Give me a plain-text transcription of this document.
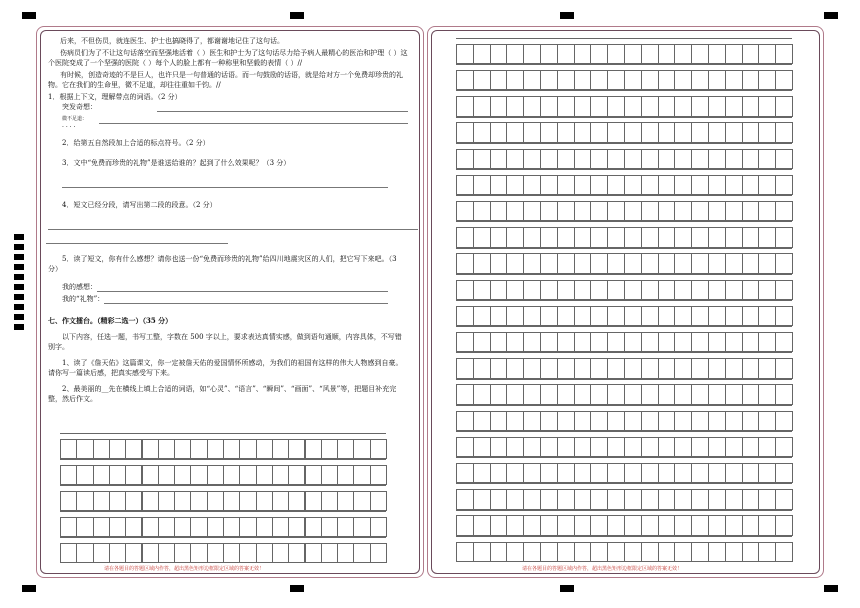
后来，不但伤员，就连医生、护士也搞晓得了，都谢谢地记住了这句话。

伤病员们为了不让这句话落空而坚强地活着（ ）医生和护士为了这句话尽力给予病人最精心的医治和护理（ ）这个医院变成了一个坚强的医院（ ）每个人的脸上都有一种称里和坚毅的表情（ ）//

有时候，创造奇迹的不是巨人，也许只是一句普通的话语。而一句鼓励的话语，就是给对方一个免费却珍贵的礼物。它在我们的生命里，微不足道，却往往重如千钧。//

1．根据上下文，理解带点的词语。（2 分）

突发奇想：
微不足道：
· · · ·

2．给第五自然段加上合适的标点符号。（2 分）

3．文中“免费而珍贵的礼物”是谁送给谁的？起到了什么效果呢？（3 分）

4．短文已经分段，请写出第二段的段意。（2 分）

5．读了短文，你有什么感想？请你也送一份“免费而珍贵的礼物”给四川地震灾区的人们，把它写下来吧。（3 分）

我的感想：
我的“礼物”：

七、作文擂台。（精彩二选一）（35 分）

以下内容，任选一题，书写工整，字数在 500 字以上，要求表达真情实感，做到语句通顺，内容具体，不写错别字。

1、读了《詹天佑》这篇课文，你一定被詹天佑的爱国情怀所感动，为我们的祖国有这样的伟大人物感到自豪。请你写一篇读后感，把真实感受写下来。

2、最美丽的__先在横线上填上合适的词语，如“心灵”、“语言”、“瞬间”、“画面”、“风景”等，把题目补充完整，然后作文。

请在各题目的答题区域内作答，超出黑色矩形边框限定区域的答案无效！	请在各题目的答题区域内作答，超出黑色矩形边框限定区域的答案无效！
